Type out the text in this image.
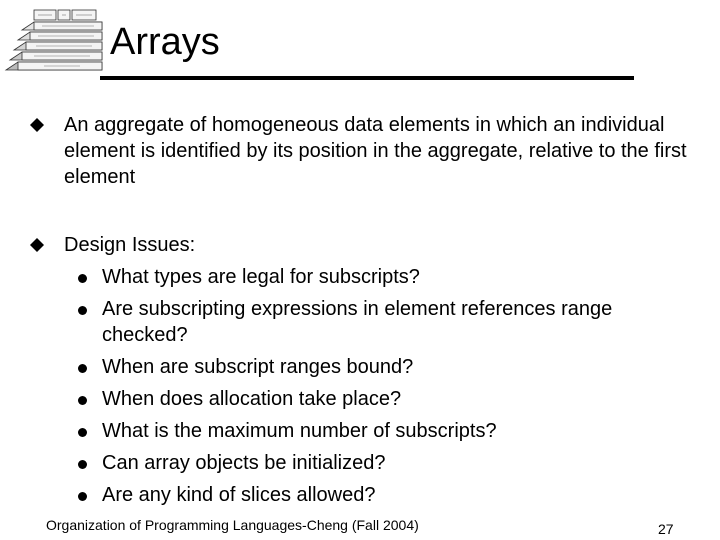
Arrays
An aggregate of homogeneous data elements in which an individual element is identified by its position in the aggregate, relative to the first element
Design Issues:
What types are legal for subscripts?
Are subscripting expressions in element references range checked?
When are subscript ranges bound?
When does allocation take place?
What is the maximum number of subscripts?
Can array objects be initialized?
Are any kind of slices allowed?
Organization of Programming Languages-Cheng (Fall 2004)	27
